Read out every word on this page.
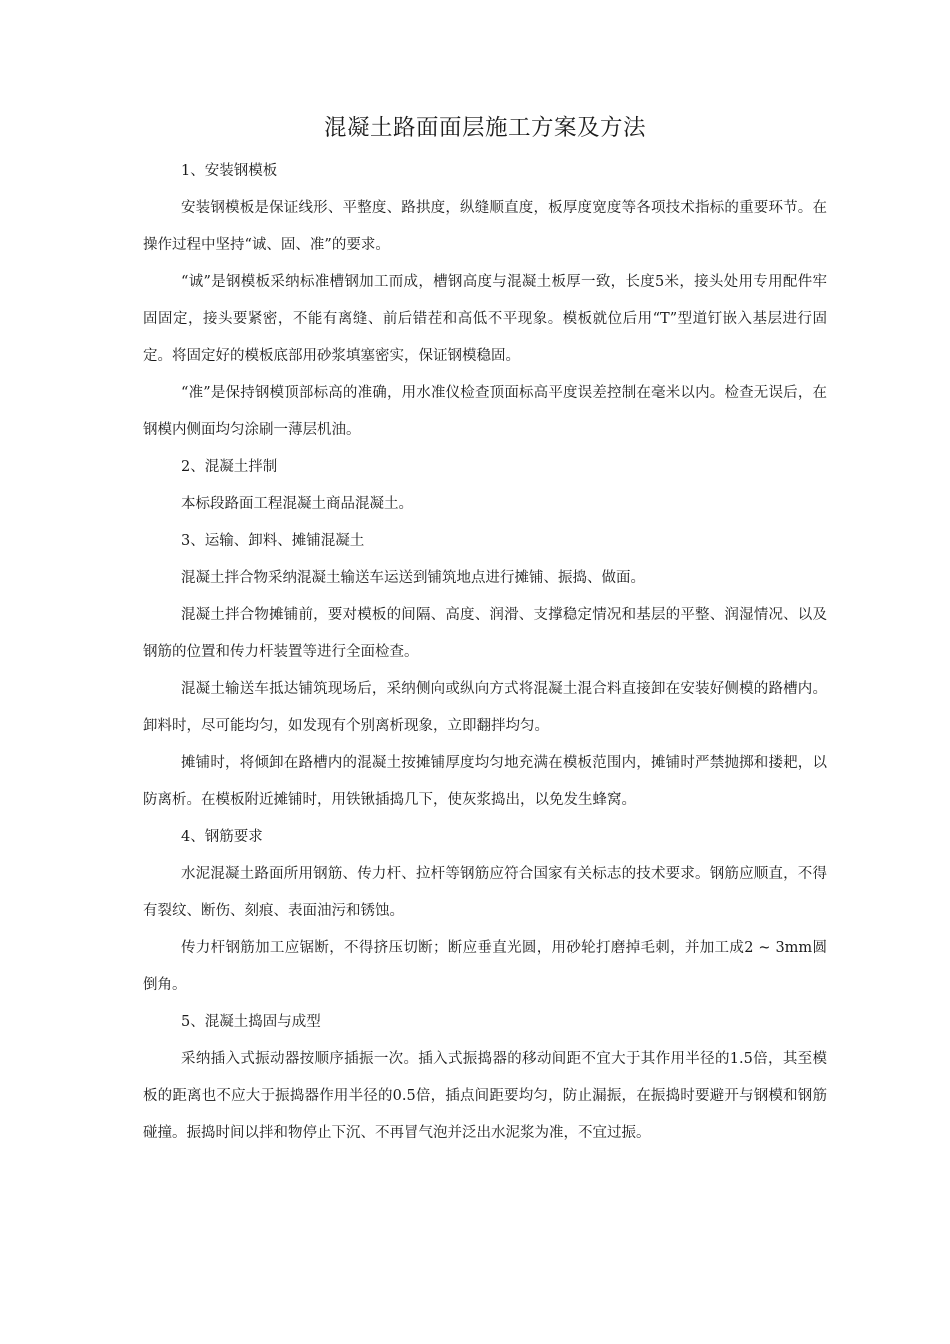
混凝土路面面层施工方案及方法

1、安装钢模板

安装钢模板是保证线形、平整度、路拱度，纵缝顺直度，板厚度宽度等各项技术指标的重要环节。在操作过程中坚持“诚、固、准”的要求。

“诚”是钢模板采纳标准槽钢加工而成，槽钢高度与混凝土板厚一致，长度5米，接头处用专用配件牢固固定，接头要紧密，不能有离缝、前后错茬和高低不平现象。模板就位后用“T”型道钉嵌入基层进行固定。将固定好的模板底部用砂浆填塞密实，保证钢模稳固。

“准”是保持钢模顶部标高的准确，用水准仪检查顶面标高平度误差控制在毫米以内。检查无误后，在钢模内侧面均匀涂刷一薄层机油。

2、混凝土拌制

本标段路面工程混凝土商品混凝土。

3、运输、卸料、摊铺混凝土

混凝土拌合物采纳混凝土输送车运送到铺筑地点进行摊铺、振捣、做面。

混凝土拌合物摊铺前，要对模板的间隔、高度、润滑、支撑稳定情况和基层的平整、润湿情况、以及钢筋的位置和传力杆装置等进行全面检查。

混凝土输送车抵达铺筑现场后，采纳侧向或纵向方式将混凝土混合料直接卸在安装好侧模的路槽内。卸料时，尽可能均匀，如发现有个别离析现象，立即翻拌均匀。

摊铺时，将倾卸在路槽内的混凝土按摊铺厚度均匀地充满在模板范围内，摊铺时严禁抛掷和搂耙，以防离析。在模板附近摊铺时，用铁锹插捣几下，使灰浆捣出，以免发生蜂窝。

4、钢筋要求

水泥混凝土路面所用钢筋、传力杆、拉杆等钢筋应符合国家有关标志的技术要求。钢筋应顺直，不得有裂纹、断伤、刻痕、表面油污和锈蚀。

传力杆钢筋加工应锯断，不得挤压切断；断应垂直光圆，用砂轮打磨掉毛刺，并加工成2 ~ 3mm圆倒角。

5、混凝土捣固与成型

采纳插入式振动器按顺序插振一次。插入式振捣器的移动间距不宜大于其作用半径的1.5倍，其至模板的距离也不应大于振捣器作用半径的0.5倍，插点间距要均匀，防止漏振，在振捣时要避开与钢模和钢筋碰撞。振捣时间以拌和物停止下沉、不再冒气泡并泛出水泥浆为准，不宜过振。
